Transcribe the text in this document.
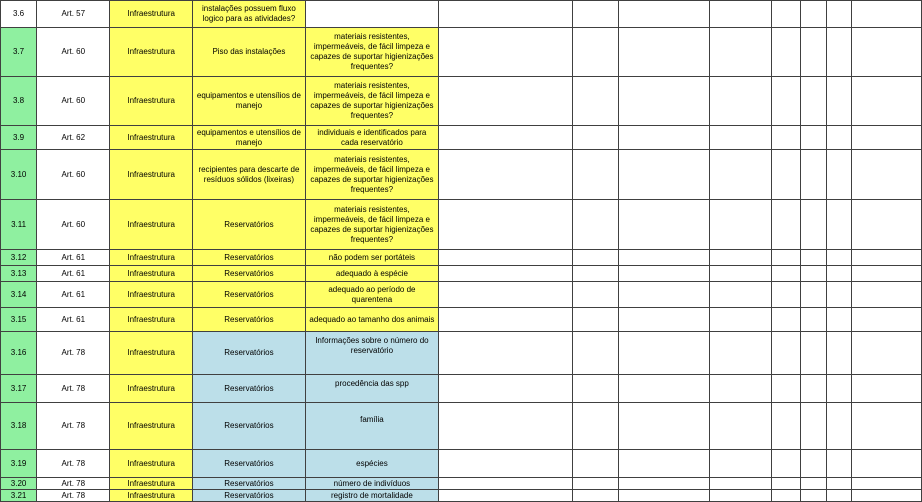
3.6	Art. 57	Infraestrutura	instalações possuem fluxo logico para as atividades?									
3.7	Art. 60	Infraestrutura	Piso das instalações	materiais resistentes, impermeáveis, de fácil limpeza e capazes de suportar higienizações frequentes?								
3.8	Art. 60	Infraestrutura	equipamentos e utensílios de manejo	materiais resistentes, impermeáveis, de fácil limpeza e capazes de suportar higienizações frequentes?								
3.9	Art. 62	Infraestrutura	equipamentos e utensílios de manejo	individuais e identificados para cada reservatório								
3.10	Art. 60	Infraestrutura	recipientes para descarte de resíduos sólidos (lixeiras)	materiais resistentes, impermeáveis, de fácil limpeza e capazes de suportar higienizações frequentes?								
3.11	Art. 60	Infraestrutura	Reservatórios	materiais resistentes, impermeáveis, de fácil limpeza e capazes de suportar higienizações frequentes?								
3.12	Art. 61	Infraestrutura	Reservatórios	não podem ser portáteis								
3.13	Art. 61	Infraestrutura	Reservatórios	adequado à espécie								
3.14	Art. 61	Infraestrutura	Reservatórios	adequado ao período de quarentena								
3.15	Art. 61	Infraestrutura	Reservatórios	adequado ao tamanho dos animais								
3.16	Art. 78	Infraestrutura	Reservatórios	Informações sobre o número do reservatório								
3.17	Art. 78	Infraestrutura	Reservatórios	procedência das spp								
3.18	Art. 78	Infraestrutura	Reservatórios	família								
3.19	Art. 78	Infraestrutura	Reservatórios	espécies								
3.20	Art. 78	Infraestrutura	Reservatórios	número de indivíduos								
3.21	Art. 78	Infraestrutura	Reservatórios	registro de mortalidade								
